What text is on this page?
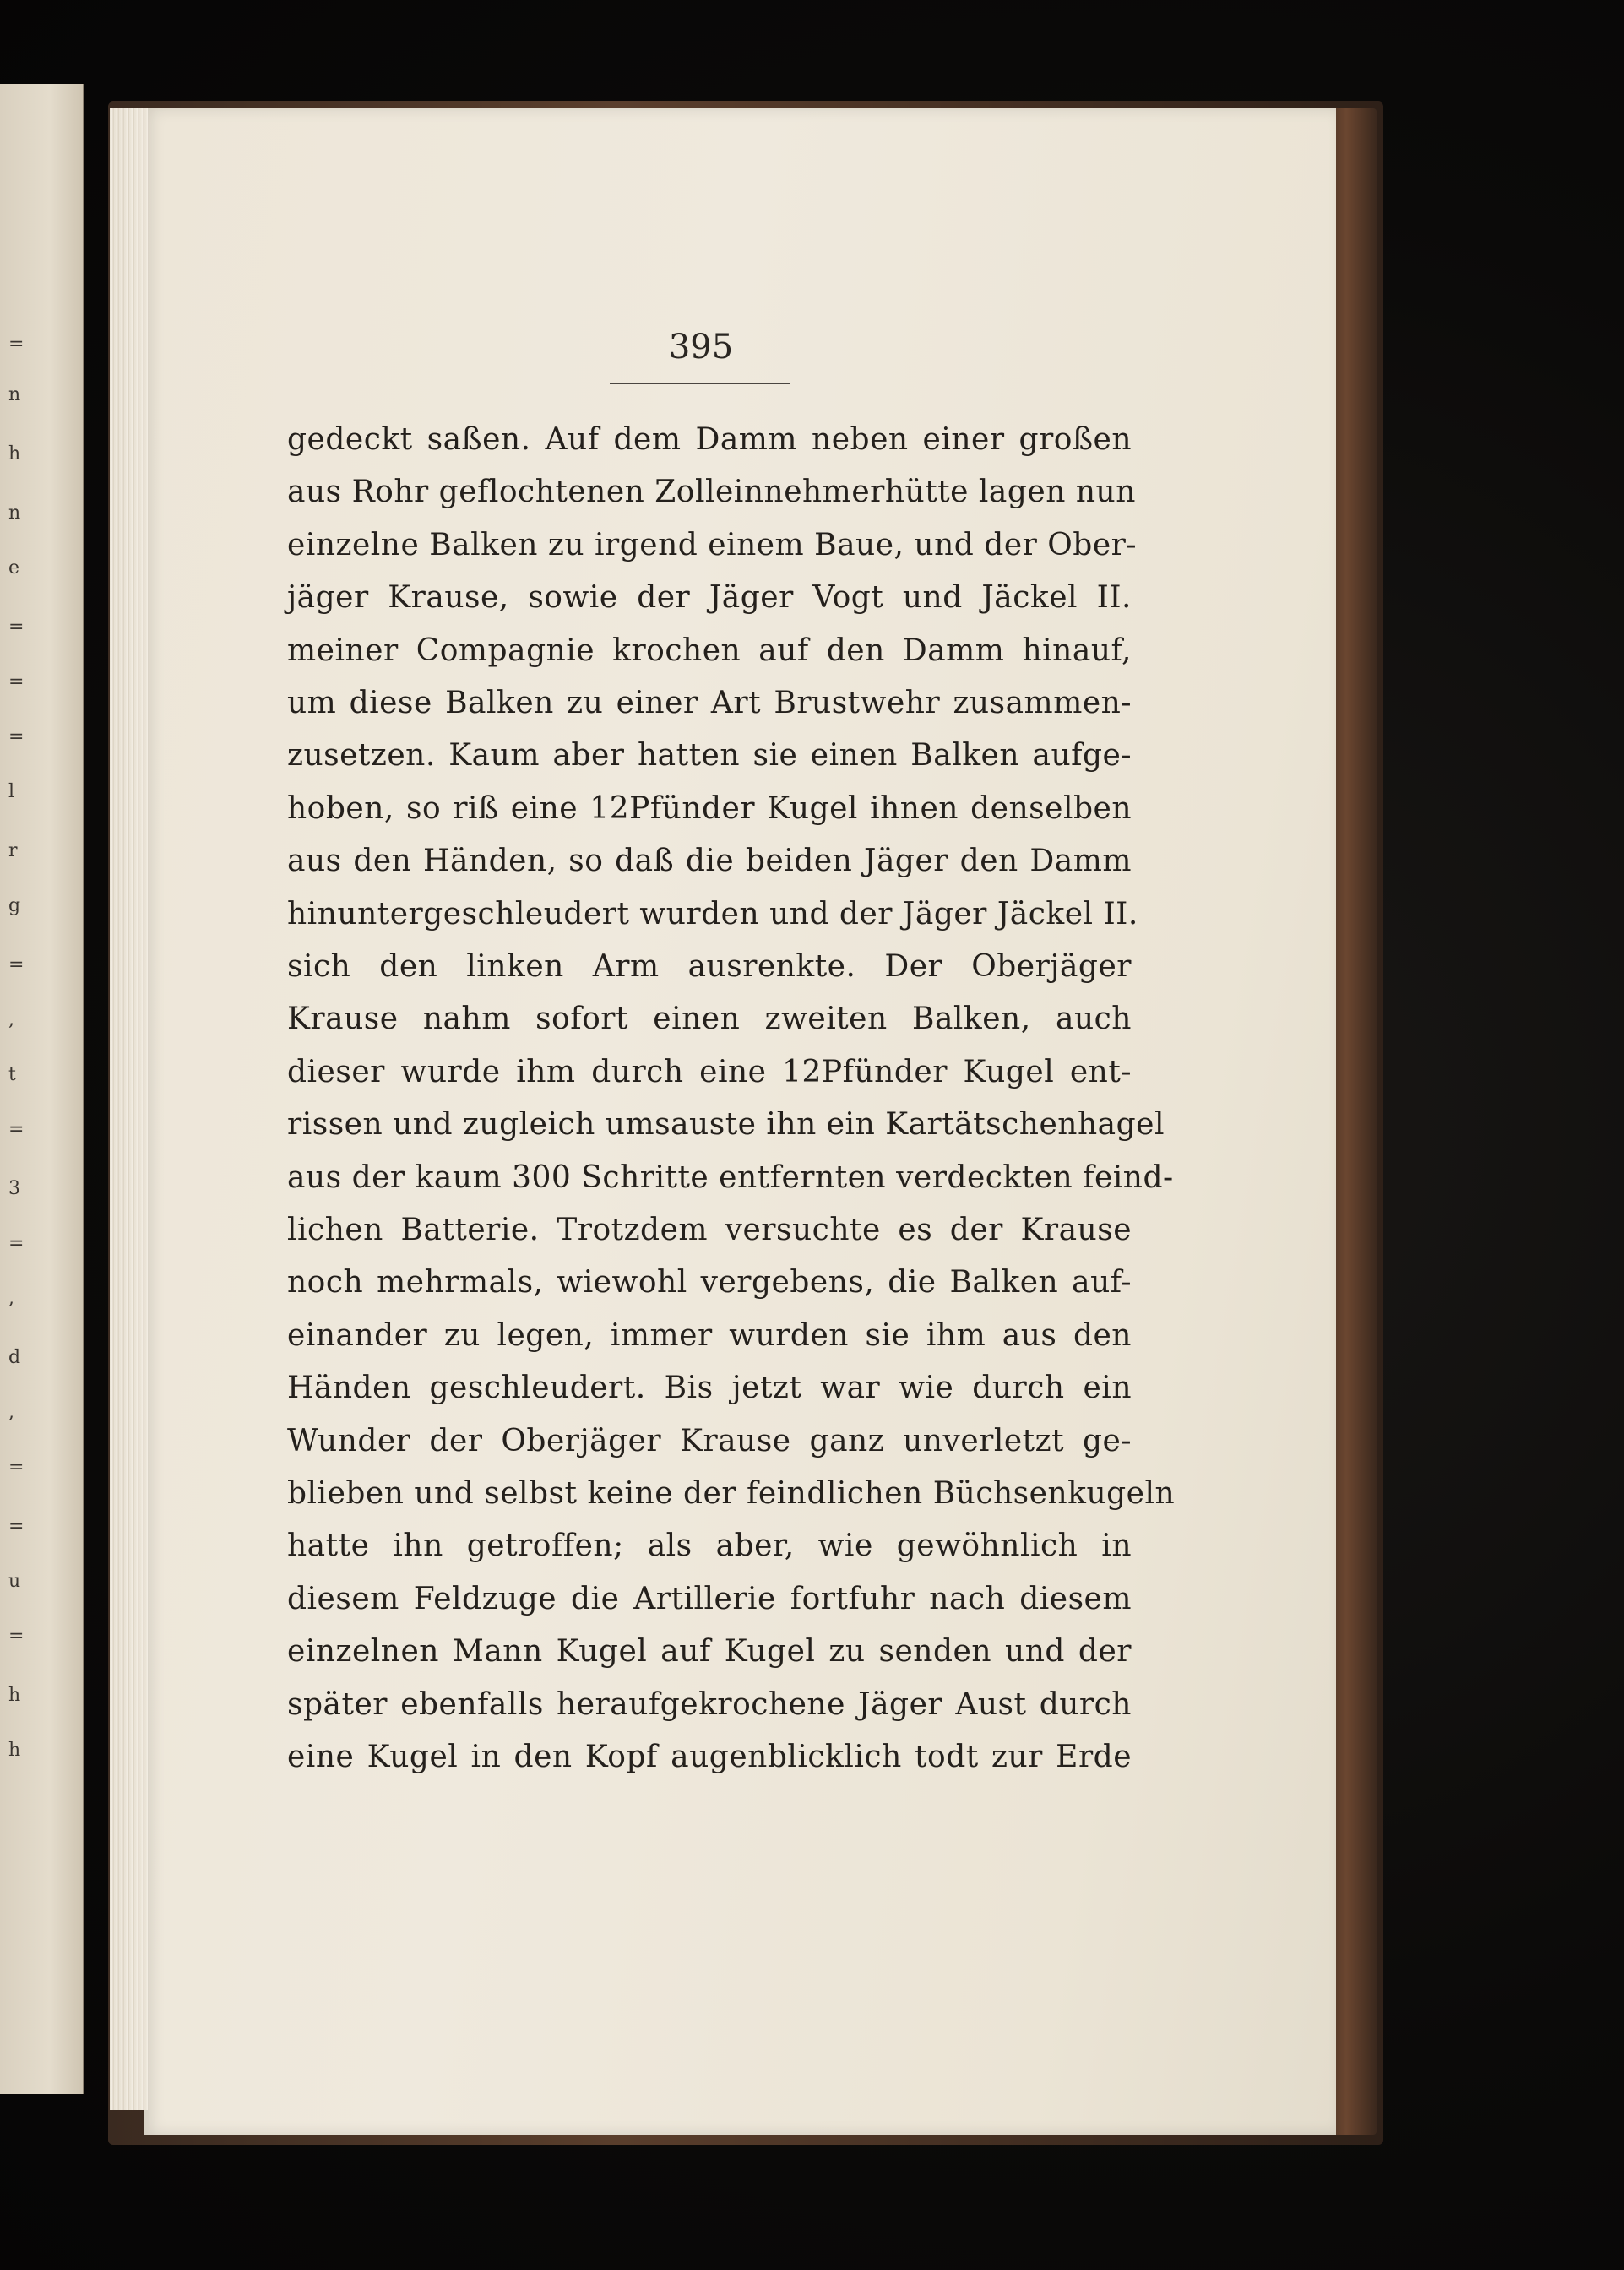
=
n
h
n
e
=
=
=
l
r
g
=
,
t
=
3
=
,
d
,
=
=
u
=
h
h
395
gedeckt saßen. Auf dem Damm neben einer großen
aus Rohr geflochtenen Zolleinnehmerhütte lagen nun
einzelne Balken zu irgend einem Baue, und der Ober-
jäger Krause, sowie der Jäger Vogt und Jäckel II.
meiner Compagnie krochen auf den Damm hinauf,
um diese Balken zu einer Art Brustwehr zusammen-
zusetzen. Kaum aber hatten sie einen Balken aufge-
hoben, so riß eine 12Pfünder Kugel ihnen denselben
aus den Händen, so daß die beiden Jäger den Damm
hinuntergeschleudert wurden und der Jäger Jäckel II.
sich den linken Arm ausrenkte. Der Oberjäger
Krause nahm sofort einen zweiten Balken, auch
dieser wurde ihm durch eine 12Pfünder Kugel ent-
rissen und zugleich umsauste ihn ein Kartätschenhagel
aus der kaum 300 Schritte entfernten verdeckten feind-
lichen Batterie. Trotzdem versuchte es der Krause
noch mehrmals, wiewohl vergebens, die Balken auf-
einander zu legen, immer wurden sie ihm aus den
Händen geschleudert. Bis jetzt war wie durch ein
Wunder der Oberjäger Krause ganz unverletzt ge-
blieben und selbst keine der feindlichen Büchsenkugeln
hatte ihn getroffen; als aber, wie gewöhnlich in
diesem Feldzuge die Artillerie fortfuhr nach diesem
einzelnen Mann Kugel auf Kugel zu senden und der
später ebenfalls heraufgekrochene Jäger Aust durch
eine Kugel in den Kopf augenblicklich todt zur Erde
